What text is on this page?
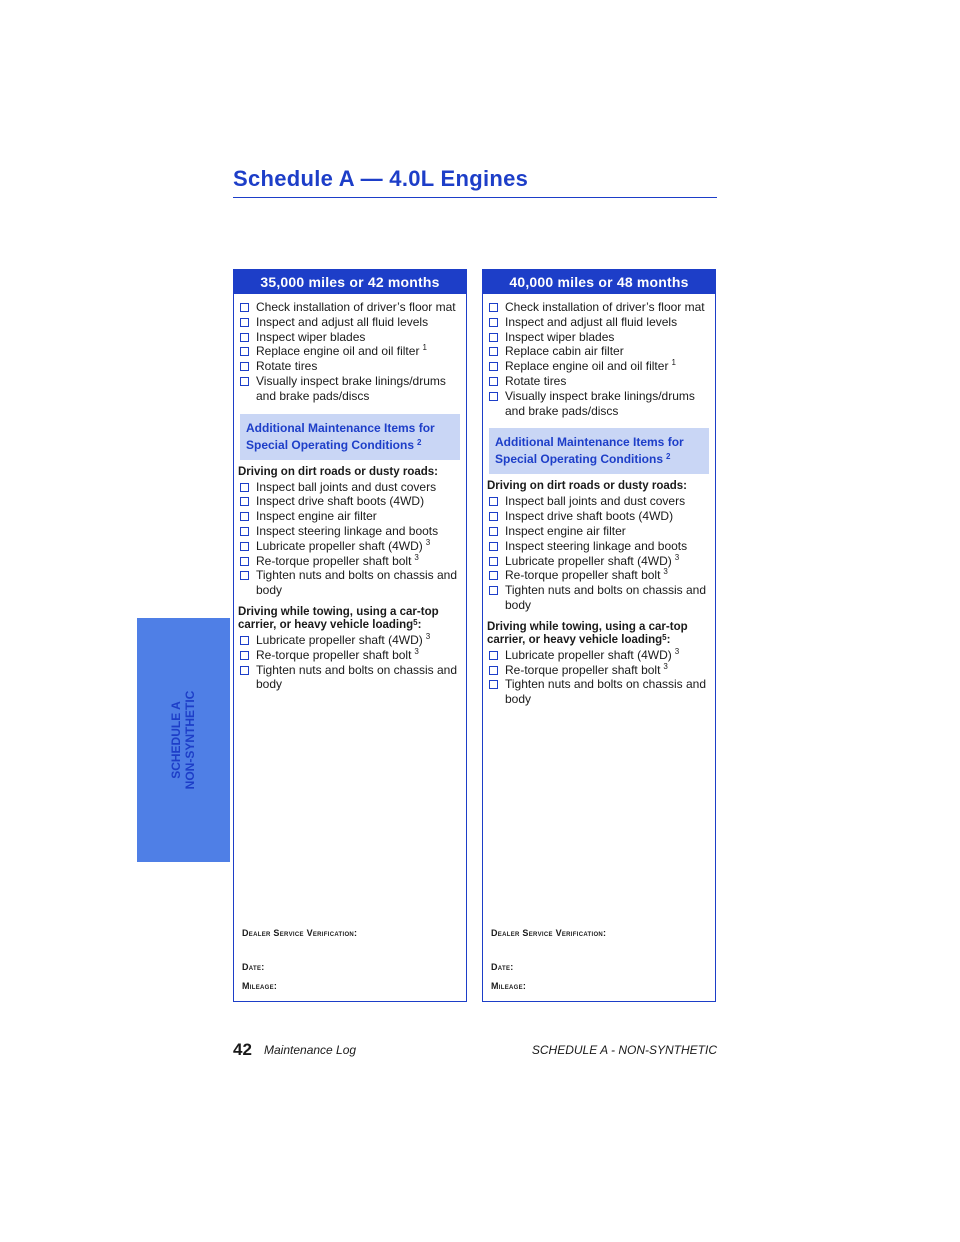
Schedule A — 4.0L Engines
SCHEDULE A NON-SYNTHETIC
35,000 miles or 42 months
Check installation of driver’s floor mat
Inspect and adjust all fluid levels
Inspect wiper blades
Replace engine oil and oil filter $^1$
Rotate tires
Visually inspect brake linings/drums and brake pads/discs
Additional Maintenance Items for Special Operating Conditions $^2$
Driving on dirt roads or dusty roads:
Inspect ball joints and dust covers
Inspect drive shaft boots (4WD)
Inspect engine air filter
Inspect steering linkage and boots
Lubricate propeller shaft (4WD) $^3$
Re-torque propeller shaft bolt $^3$
Tighten nuts and bolts on chassis and body
Driving while towing, using a car-top carrier, or heavy vehicle loading$^5$:
Lubricate propeller shaft (4WD) $^3$
Re-torque propeller shaft bolt $^3$
Tighten nuts and bolts on chassis and body
Dealer Service Verification:
Date:
Mileage:
40,000 miles or 48 months
Check installation of driver’s floor mat
Inspect and adjust all fluid levels
Inspect wiper blades
Replace cabin air filter
Replace engine oil and oil filter $^1$
Rotate tires
Visually inspect brake linings/drums and brake pads/discs
Additional Maintenance Items for Special Operating Conditions $^2$
Driving on dirt roads or dusty roads:
Inspect ball joints and dust covers
Inspect drive shaft boots (4WD)
Inspect engine air filter
Inspect steering linkage and boots
Lubricate propeller shaft (4WD) $^3$
Re-torque propeller shaft bolt $^3$
Tighten nuts and bolts on chassis and body
Driving while towing, using a car-top carrier, or heavy vehicle loading$^5$:
Lubricate propeller shaft (4WD) $^3$
Re-torque propeller shaft bolt $^3$
Tighten nuts and bolts on chassis and body
Dealer Service Verification:
Date:
Mileage:
42 Maintenance Log	SCHEDULE A - NON-SYNTHETIC
